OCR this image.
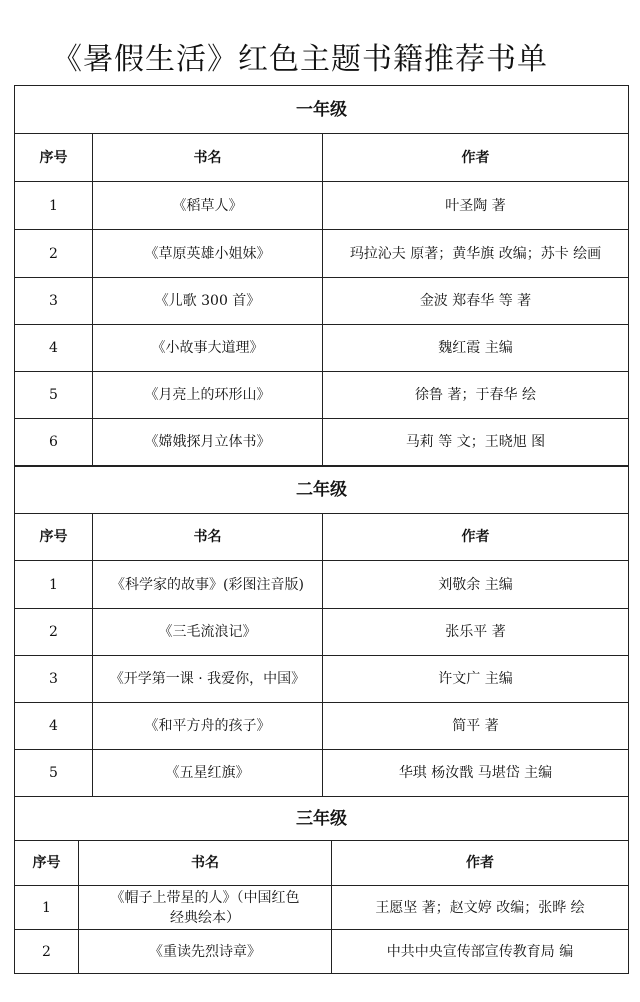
《暑假生活》红色主题书籍推荐书单
一年级		
序号	书名	作者
1	《稻草人》	叶圣陶 著
2	《草原英雄小姐妹》	玛拉沁夫 原著；黄华旗 改编；苏卡 绘画
3	《儿歌 300 首》	金波 郑春华 等 著
4	《小故事大道理》	魏红霞 主编
5	《月亮上的环形山》	徐鲁 著；于春华 绘
6	《嫦娥探月立体书》	马莉 等 文；王晓旭 图
二年级		
序号	书名	作者
1	《科学家的故事》(彩图注音版)	刘敬余 主编
2	《三毛流浪记》	张乐平 著
3	《开学第一课 · 我爱你，中国》	许文广 主编
4	《和平方舟的孩子》	简平 著
5	《五星红旗》	华琪 杨汝戬 马堪岱 主编
三年级		
序号	书名	作者
1	《帽子上带星的人》（中国红色经典绘本）	王愿坚 著；赵文婷 改编；张晔 绘
2	《重读先烈诗章》	中共中央宣传部宣传教育局 编
